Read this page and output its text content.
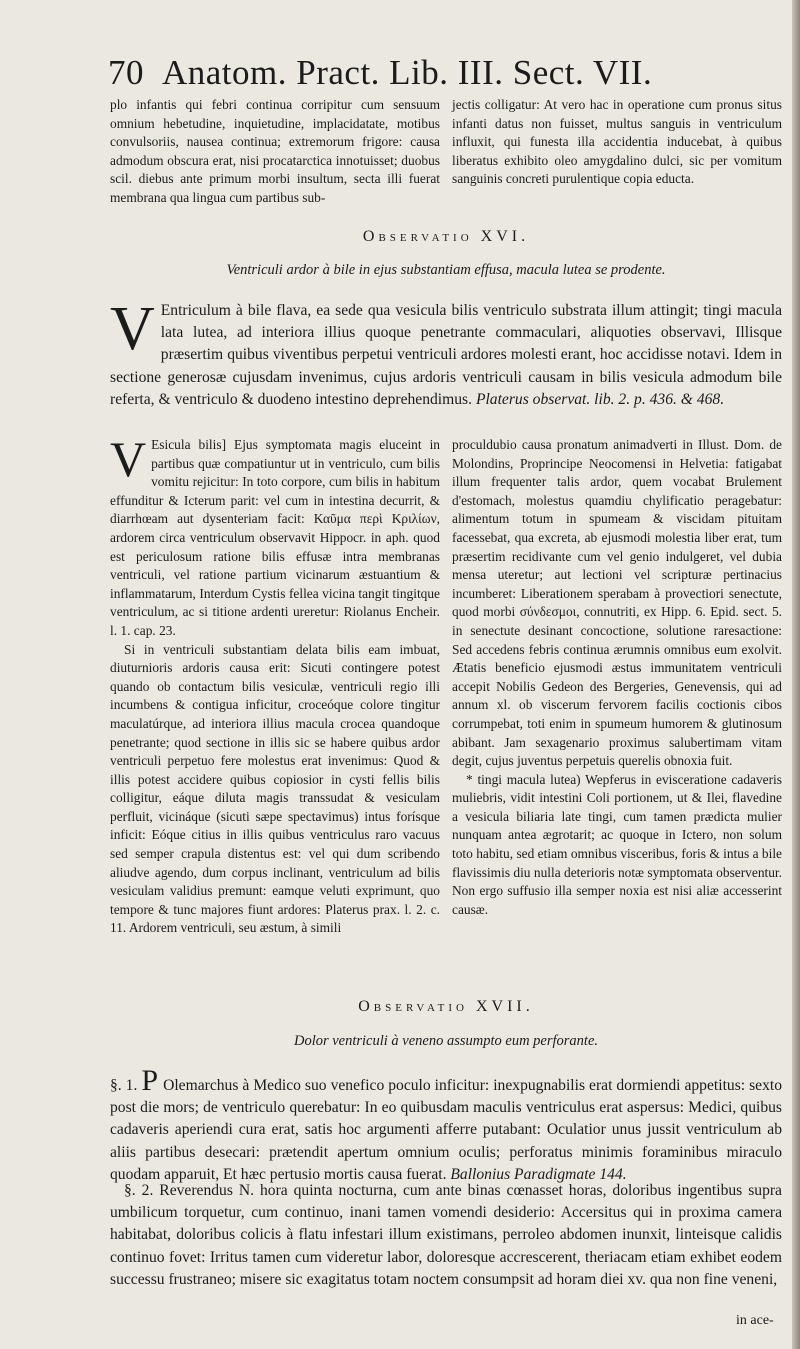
70 Anatom. Pract. Lib. III. Sect. VII.

plo infantis qui febri continua corripitur cum sensuum omnium hebetudine, inquietudine, implacidatate, motibus convulsoriis, nausea continua; extremorum frigore: causa admodum obscura erat, nisi procatarctica innotuisset; duobus scil. diebus ante primum morbi insultum, secta illi fuerat membrana qua lingua cum partibus sub-

jectis colligatur: At vero hac in operatione cum pronus situs infanti datus non fuisset, multus sanguis in ventriculum influxit, qui funesta illa accidentia inducebat, à quibus liberatus exhibito oleo amygdalino dulci, sic per vomitum sanguinis concreti purulentique copia educta.

Observatio XVI.
Ventriculi ardor à bile in ejus substantiam effusa, macula lutea se prodente.
V Entriculum à bile flava, ea sede qua vesicula bilis ventriculo substrata illum attingit; tingi macula lata lutea, ad interiora illius quoque penetrante commaculari, aliquoties observavi, Illisque præsertim quibus viventibus perpetui ventriculi ardores molesti erant, hoc accidisse notavi. Idem in sectione generosæ cujusdam invenimus, cujus ardoris ventriculi causam in bilis vesicula admodum bile referta, & ventriculo & duodeno intestino deprehendimus. Platerus observat. lib. 2. p. 436. & 468.

V Esicula bilis] Ejus symptomata magis eluceint in partibus quæ compatiuntur ut in ventriculo, cum bilis vomitu rejicitur: In toto corpore, cum bilis in habitum effunditur & Icterum parit: vel cum in intestina decurrit, & diarrhœam aut dysenteriam facit: Καῦμα περὶ Κριλίων, ardorem circa ventriculum observavit Hippocr. in aph. quod est periculosum ratione bilis effusæ intra membranas ventriculi, vel ratione partium vicinarum æstuantium & inflammatarum, Interdum Cystis fellea vicina tangit tingitque ventriculum, ac si titione ardenti ureretur: Riolanus Encheir. l. 1. cap. 23.

Si in ventriculi substantiam delata bilis eam imbuat, diuturnioris ardoris causa erit: Sicuti contingere potest quando ob contactum bilis vesiculæ, ventriculi regio illi incumbens & contigua inficitur, croceóque colore tingitur maculatúrque, ad interiora illius macula crocea quandoque penetrante; quod sectione in illis sic se habere quibus ardor ventriculi perpetuo fere molestus erat invenimus: Quod & illis potest accidere quibus copiosior in cysti fellis bilis colligitur, eáque diluta magis transsudat & vesiculam perfluit, vicináque (sicuti sæpe spectavimus) intus forísque inficit: Eóque citius in illis quibus ventriculus raro vacuus sed semper crapula distentus est: vel qui dum scribendo aliudve agendo, dum corpus inclinant, ventriculum ad bilis vesiculam validius premunt: eamque veluti exprimunt, quo tempore & tunc majores fiunt ardores: Platerus prax. l. 2. c. 11. Ardorem ventriculi, seu æstum, à simili

proculdubio causa pronatum animadverti in Illust. Dom. de Molondins, Proprincipe Neocomensi in Helvetia: fatigabat illum frequenter talis ardor, quem vocabat Brulement d'estomach, molestus quamdiu chylificatio peragebatur: alimentum totum in spumeam & viscidam pituitam facessebat, qua excreta, ab ejusmodi molestia liber erat, tum præsertim recidivante cum vel genio indulgeret, vel dubia mensa uteretur; aut lectioni vel scripturæ pertinacius incumberet: Liberationem sperabam à provectiori senectute, quod morbi σύνδεσμοι, connutriti, ex Hipp. 6. Epid. sect. 5. in senectute desinant concoctione, solutione raresactione: Sed accedens febris continua ærumnis omnibus eum exolvit. Ætatis beneficio ejusmodi æstus immunitatem ventriculi accepit Nobilis Gedeon des Bergeries, Genevensis, qui ad annum xl. ob viscerum fervorem facilis coctionis cibos corrumpebat, toti enim in spumeum humorem & glutinosum abibant. Jam sexagenario proximus salubertimam vitam degit, cujus juventus perpetuis querelis obnoxia fuit.

* tingi macula lutea) Wepferus in evisceratione cadaveris muliebris, vidit intestini Coli portionem, ut & Ilei, flavedine a vesicula biliaria late tingi, cum tamen prædicta mulier nunquam antea ægrotarit; ac quoque in Ictero, non solum toto habitu, sed etiam omnibus visceribus, foris & intus a bile flavissimis diu nulla deterioris notæ symptomata observentur. Non ergo suffusio illa semper noxia est nisi aliæ accesserint causæ.

Observatio XVII.
Dolor ventriculi à veneno assumpto eum perforante.

§. 1. P Olemarchus à Medico suo venefico poculo inficitur: inexpugnabilis erat dormiendi appetitus: sexto post die mors; de ventriculo querebatur: In eo quibusdam maculis ventriculus erat aspersus: Medici, quibus cadaveris aperiendi cura erat, satis hoc argumenti afferre putabant: Oculatior unus jussit ventriculum ab aliis partibus desecari: prætendit apertum omnium oculis; perforatus minimis foraminibus miraculo quodam apparuit, Et hæc pertusio mortis causa fuerat. Ballonius Paradigmate 144.

§. 2. Reverendus N. hora quinta nocturna, cum ante binas cœnasset horas, doloribus ingentibus supra umbilicum torquetur, cum continuo, inani tamen vomendi desiderio: Accersitus qui in proxima camera habitabat, doloribus colicis à flatu infestari illum existimans, perroleo abdomen inunxit, linteisque calidis continuo fovet: Irritus tamen cum videretur labor, doloresque accrescerent, theriacam etiam exhibet eodem successu frustraneo; misere sic exagitatus totam noctem consumpsit ad horam diei xv. qua non fine veneni,

in ace-
